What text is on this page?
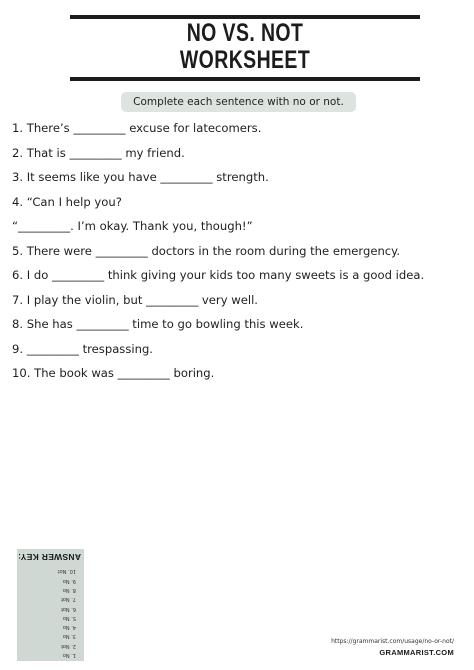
NO VS. NOT
WORKSHEET
Complete each sentence with no or not.
1. There’s _________ excuse for latecomers.
2. That is _________ my friend.
3. It seems like you have _________ strength.
4. “Can I help you?
“_________. I’m okay. Thank you, though!”
5. There were _________ doctors in the room during the emergency.
6. I do _________ think giving your kids too many sweets is a good idea.
7. I play the violin, but _________ very well.
8. She has _________ time to go bowling this week.
9. _________ trespassing.
10. The book was _________ boring.
ANSWER KEY:
1. No
2. Not
3. No
4. No
5. No
6. Not
7. Not
8. No
9. No
10. Not
https://grammarist.com/usage/no-or-not/
GRAMMARIST.COM
